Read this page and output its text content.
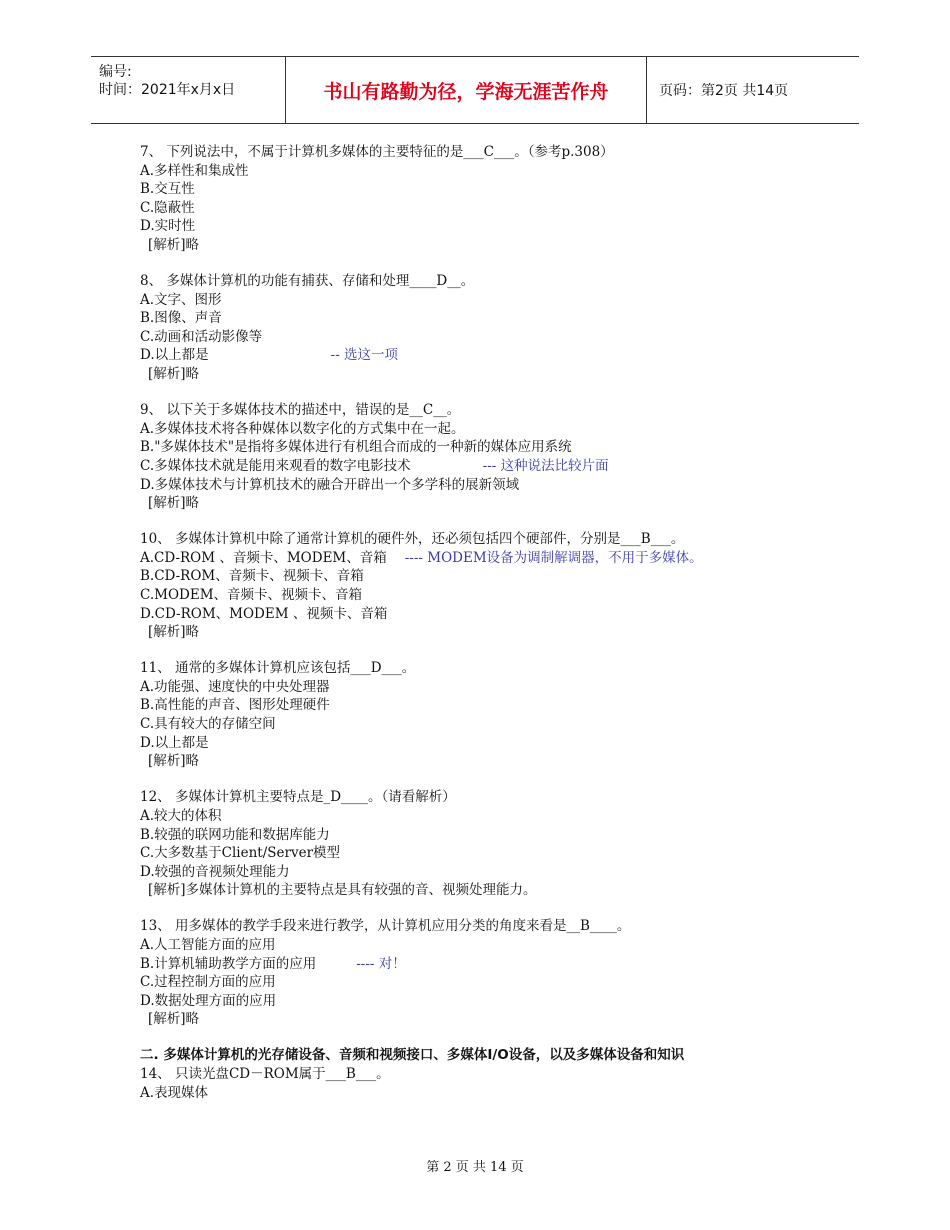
编号:
时间：2021年x月x日	书山有路勤为径，学海无涯苦作舟	页码：第2页 共14页
7、 下列说法中，不属于计算机多媒体的主要特征的是___C___。（参考p.308）
A.多样性和集成性
B.交互性
C.隐蔽性
D.实时性
[解析]略
8、 多媒体计算机的功能有捕获、存储和处理____D__。
A.文字、图形
B.图像、声音
C.动画和活动影像等
D.以上都是	-- 选这一项
[解析]略
9、 以下关于多媒体技术的描述中，错误的是__C__。
A.多媒体技术将各种媒体以数字化的方式集中在一起。
B."多媒体技术"是指将多媒体进行有机组合而成的一种新的媒体应用系统
C.多媒体技术就是能用来观看的数字电影技术	--- 这种说法比较片面
D.多媒体技术与计算机技术的融合开辟出一个多学科的展新领域
[解析]略
10、 多媒体计算机中除了通常计算机的硬件外，还必须包括四个硬部件，分别是___B___。
A.CD-ROM 、音频卡、MODEM、音箱 ---- MODEM设备为调制解调器，不用于多媒体。
B.CD-ROM、音频卡、视频卡、音箱
C.MODEM、音频卡、视频卡、音箱
D.CD-ROM、MODEM 、视频卡、音箱
[解析]略
11、 通常的多媒体计算机应该包括___D___。
A.功能强、速度快的中央处理器
B.高性能的声音、图形处理硬件
C.具有较大的存储空间
D.以上都是
[解析]略
12、 多媒体计算机主要特点是_D____。（请看解析）
A.较大的体积
B.较强的联网功能和数据库能力
C.大多数基于Client/Server模型
D.较强的音视频处理能力
[解析]多媒体计算机的主要特点是具有较强的音、视频处理能力。
13、 用多媒体的教学手段来进行教学，从计算机应用分类的角度来看是__B____。
A.人工智能方面的应用
B.计算机辅助教学方面的应用	---- 对！
C.过程控制方面的应用
D.数据处理方面的应用
[解析]略
二. 多媒体计算机的光存储设备、音频和视频接口、多媒体I/O设备，以及多媒体设备和知识
14、 只读光盘CD－ROM属于___B___。
A.表现媒体
第 2 页 共 14 页
